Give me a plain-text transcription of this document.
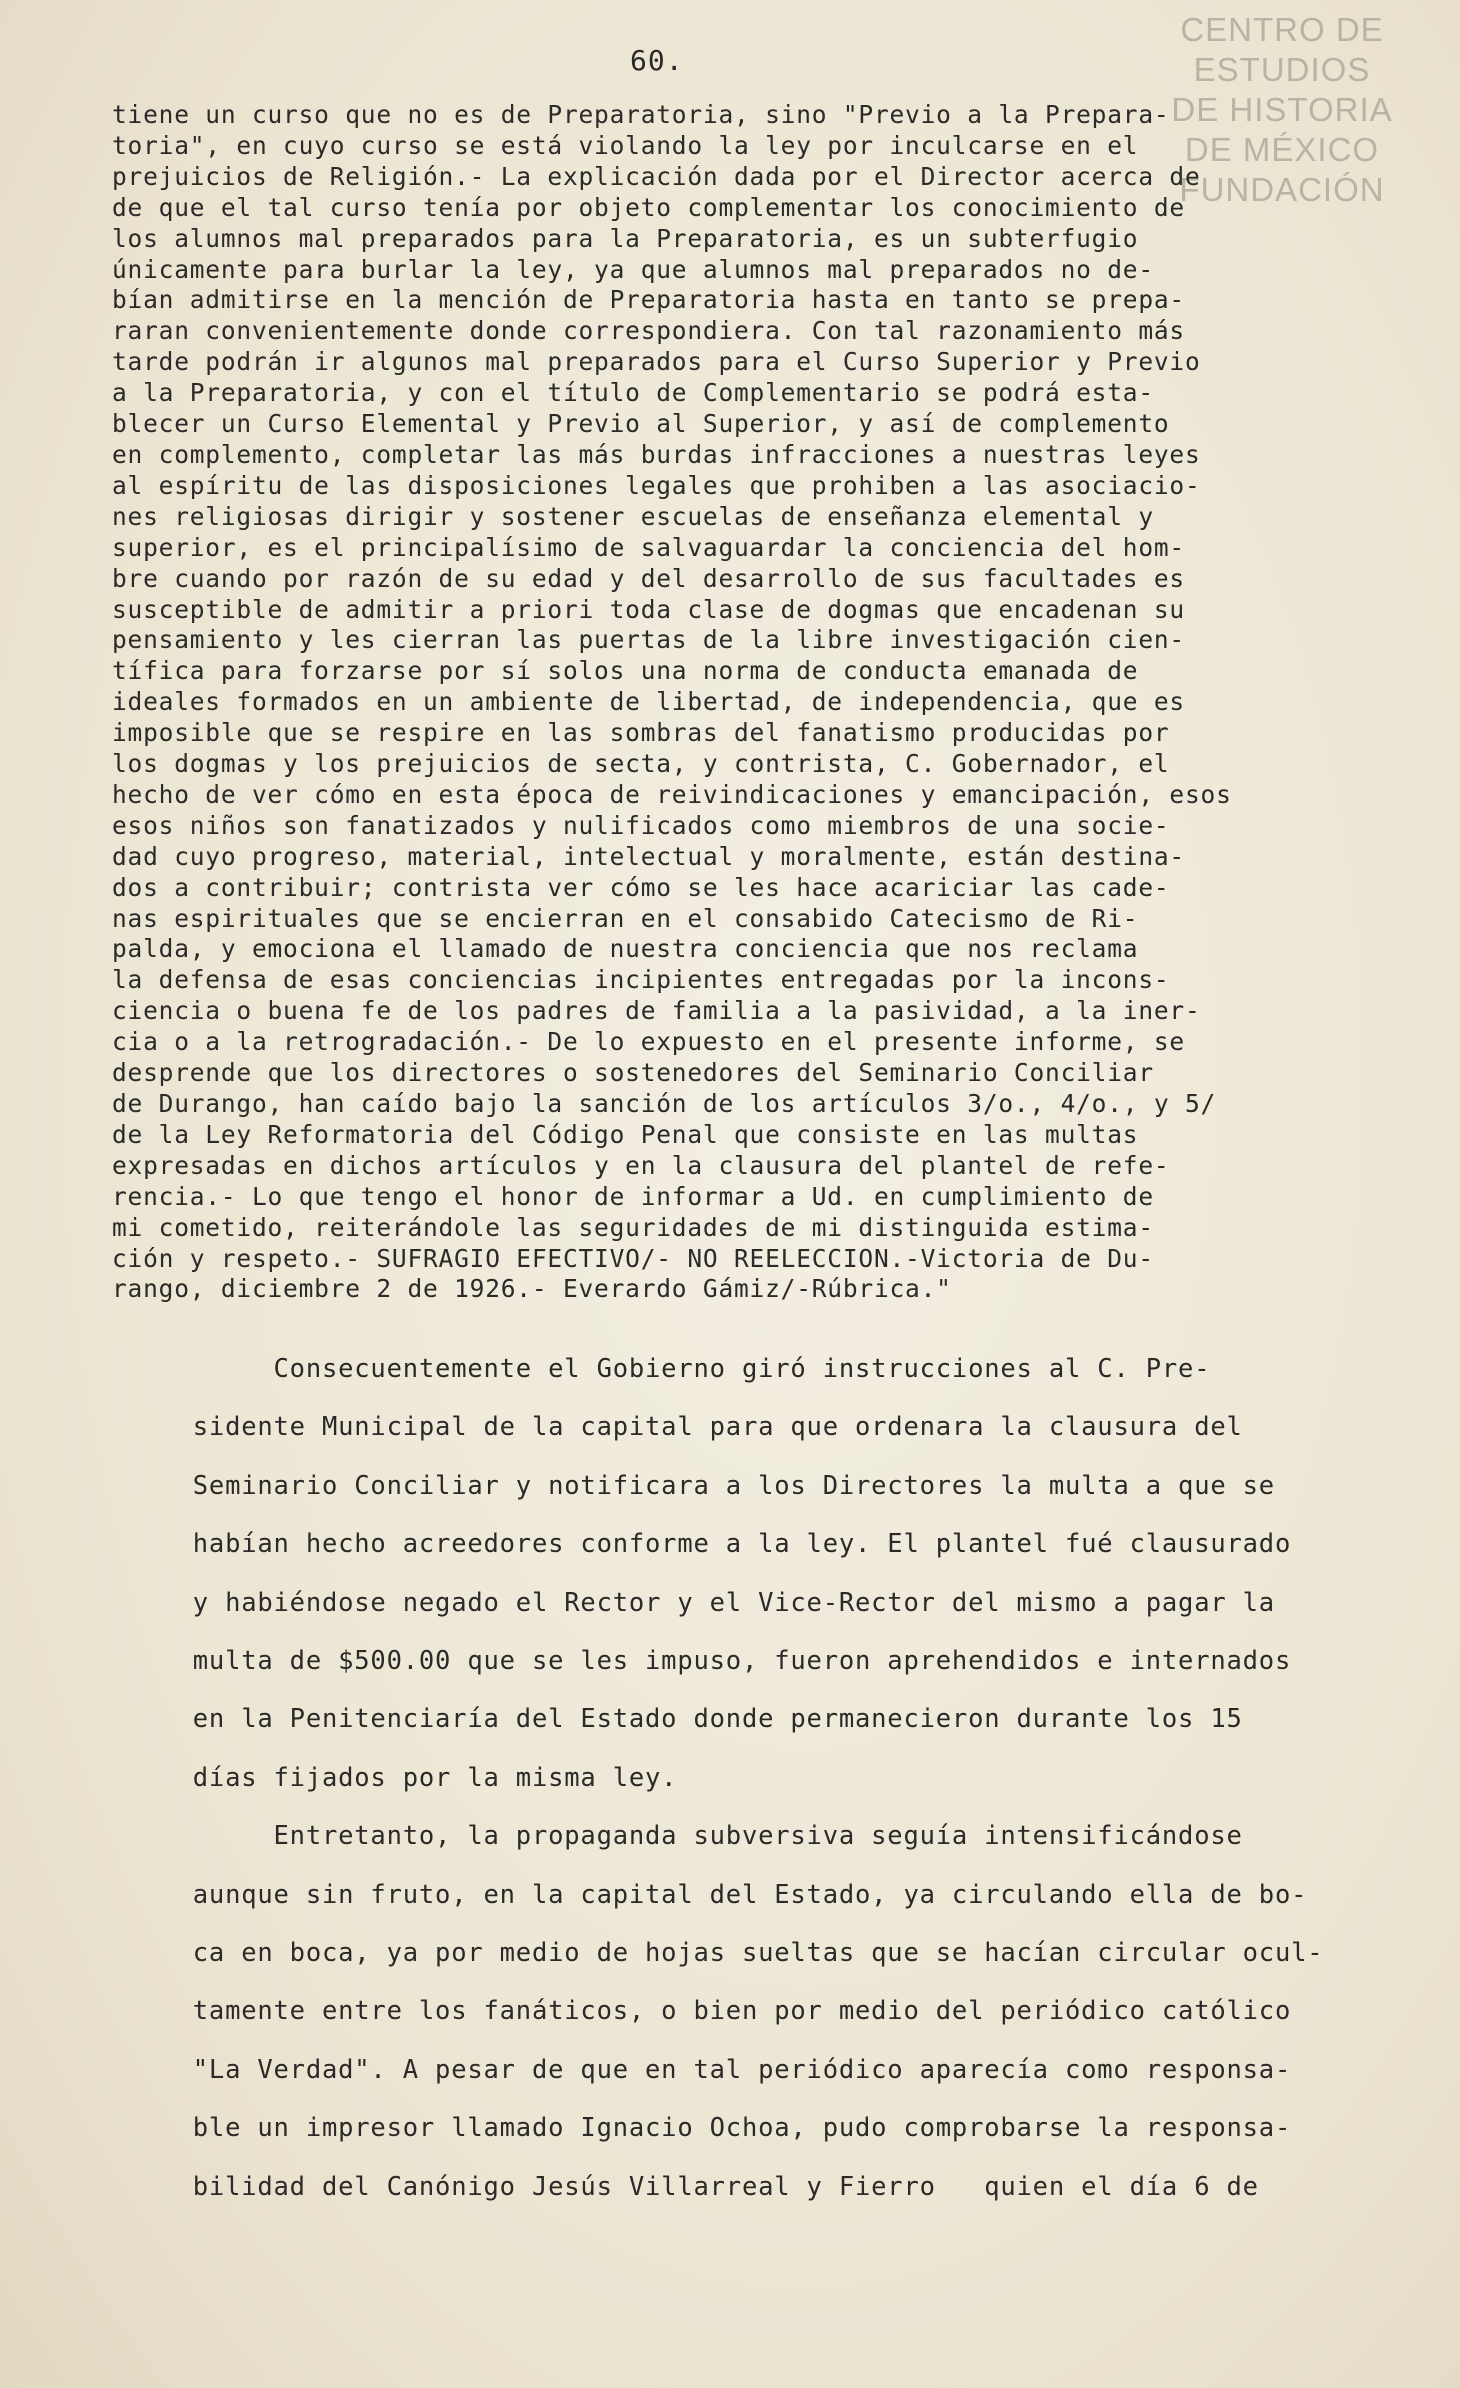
CENTRO DE
ESTUDIOS
DE HISTORIA
DE MÉXICO
FUNDACIÓN
60.
tiene un curso que no es de Preparatoria, sino "Previo a la Prepara-
toria", en cuyo curso se está violando la ley por inculcarse en el
prejuicios de Religión.- La explicación dada por el Director acerca de
de que el tal curso tenía por objeto complementar los conocimiento de
los alumnos mal preparados para la Preparatoria, es un subterfugio
únicamente para burlar la ley, ya que alumnos mal preparados no de-
bían admitirse en la mención de Preparatoria hasta en tanto se prepa-
raran convenientemente donde correspondiera. Con tal razonamiento más
tarde podrán ir algunos mal preparados para el Curso Superior y Previo
a la Preparatoria, y con el título de Complementario se podrá esta-
blecer un Curso Elemental y Previo al Superior, y así de complemento
en complemento, completar las más burdas infracciones a nuestras leyes
al espíritu de las disposiciones legales que prohiben a las asociacio-
nes religiosas dirigir y sostener escuelas de enseñanza elemental y
superior, es el principalísimo de salvaguardar la conciencia del hom-
bre cuando por razón de su edad y del desarrollo de sus facultades es
susceptible de admitir a priori toda clase de dogmas que encadenan su
pensamiento y les cierran las puertas de la libre investigación cien-
tífica para forzarse por sí solos una norma de conducta emanada de
ideales formados en un ambiente de libertad, de independencia, que es
imposible que se respire en las sombras del fanatismo producidas por
los dogmas y los prejuicios de secta, y contrista, C. Gobernador, el
hecho de ver cómo en esta época de reivindicaciones y emancipación, esos
esos niños son fanatizados y nulificados como miembros de una socie-
dad cuyo progreso, material, intelectual y moralmente, están destina-
dos a contribuir; contrista ver cómo se les hace acariciar las cade-
nas espirituales que se encierran en el consabido Catecismo de Ri-
palda, y emociona el llamado de nuestra conciencia que nos reclama
la defensa de esas conciencias incipientes entregadas por la incons-
ciencia o buena fe de los padres de familia a la pasividad, a la iner-
cia o a la retrogradación.- De lo expuesto en el presente informe, se
desprende que los directores o sostenedores del Seminario Conciliar
de Durango, han caído bajo la sanción de los artículos 3/o., 4/o., y 5/
de la Ley Reformatoria del Código Penal que consiste en las multas
expresadas en dichos artículos y en la clausura del plantel de refe-
rencia.- Lo que tengo el honor de informar a Ud. en cumplimiento de
mi cometido, reiterándole las seguridades de mi distinguida estima-
ción y respeto.- SUFRAGIO EFECTIVO/- NO REELECCION.-Victoria de Du-
rango, diciembre 2 de 1926.- Everardo Gámiz/-Rúbrica."
Consecuentemente el Gobierno giró instrucciones al C. Pre-
sidente Municipal de la capital para que ordenara la clausura del
Seminario Conciliar y notificara a los Directores la multa a que se
habían hecho acreedores conforme a la ley. El plantel fué clausurado
y habiéndose negado el Rector y el Vice-Rector del mismo a pagar la
multa de $500.00 que se les impuso, fueron aprehendidos e internados
en la Penitenciaría del Estado donde permanecieron durante los 15
días fijados por la misma ley.
Entretanto, la propaganda subversiva seguía intensificándose
aunque sin fruto, en la capital del Estado, ya circulando ella de bo-
ca en boca, ya por medio de hojas sueltas que se hacían circular ocul-
tamente entre los fanáticos, o bien por medio del periódico católico
"La Verdad". A pesar de que en tal periódico aparecía como responsa-
ble un impresor llamado Ignacio Ochoa, pudo comprobarse la responsa-
bilidad del Canónigo Jesús Villarreal y Fierro   quien el día 6 de
